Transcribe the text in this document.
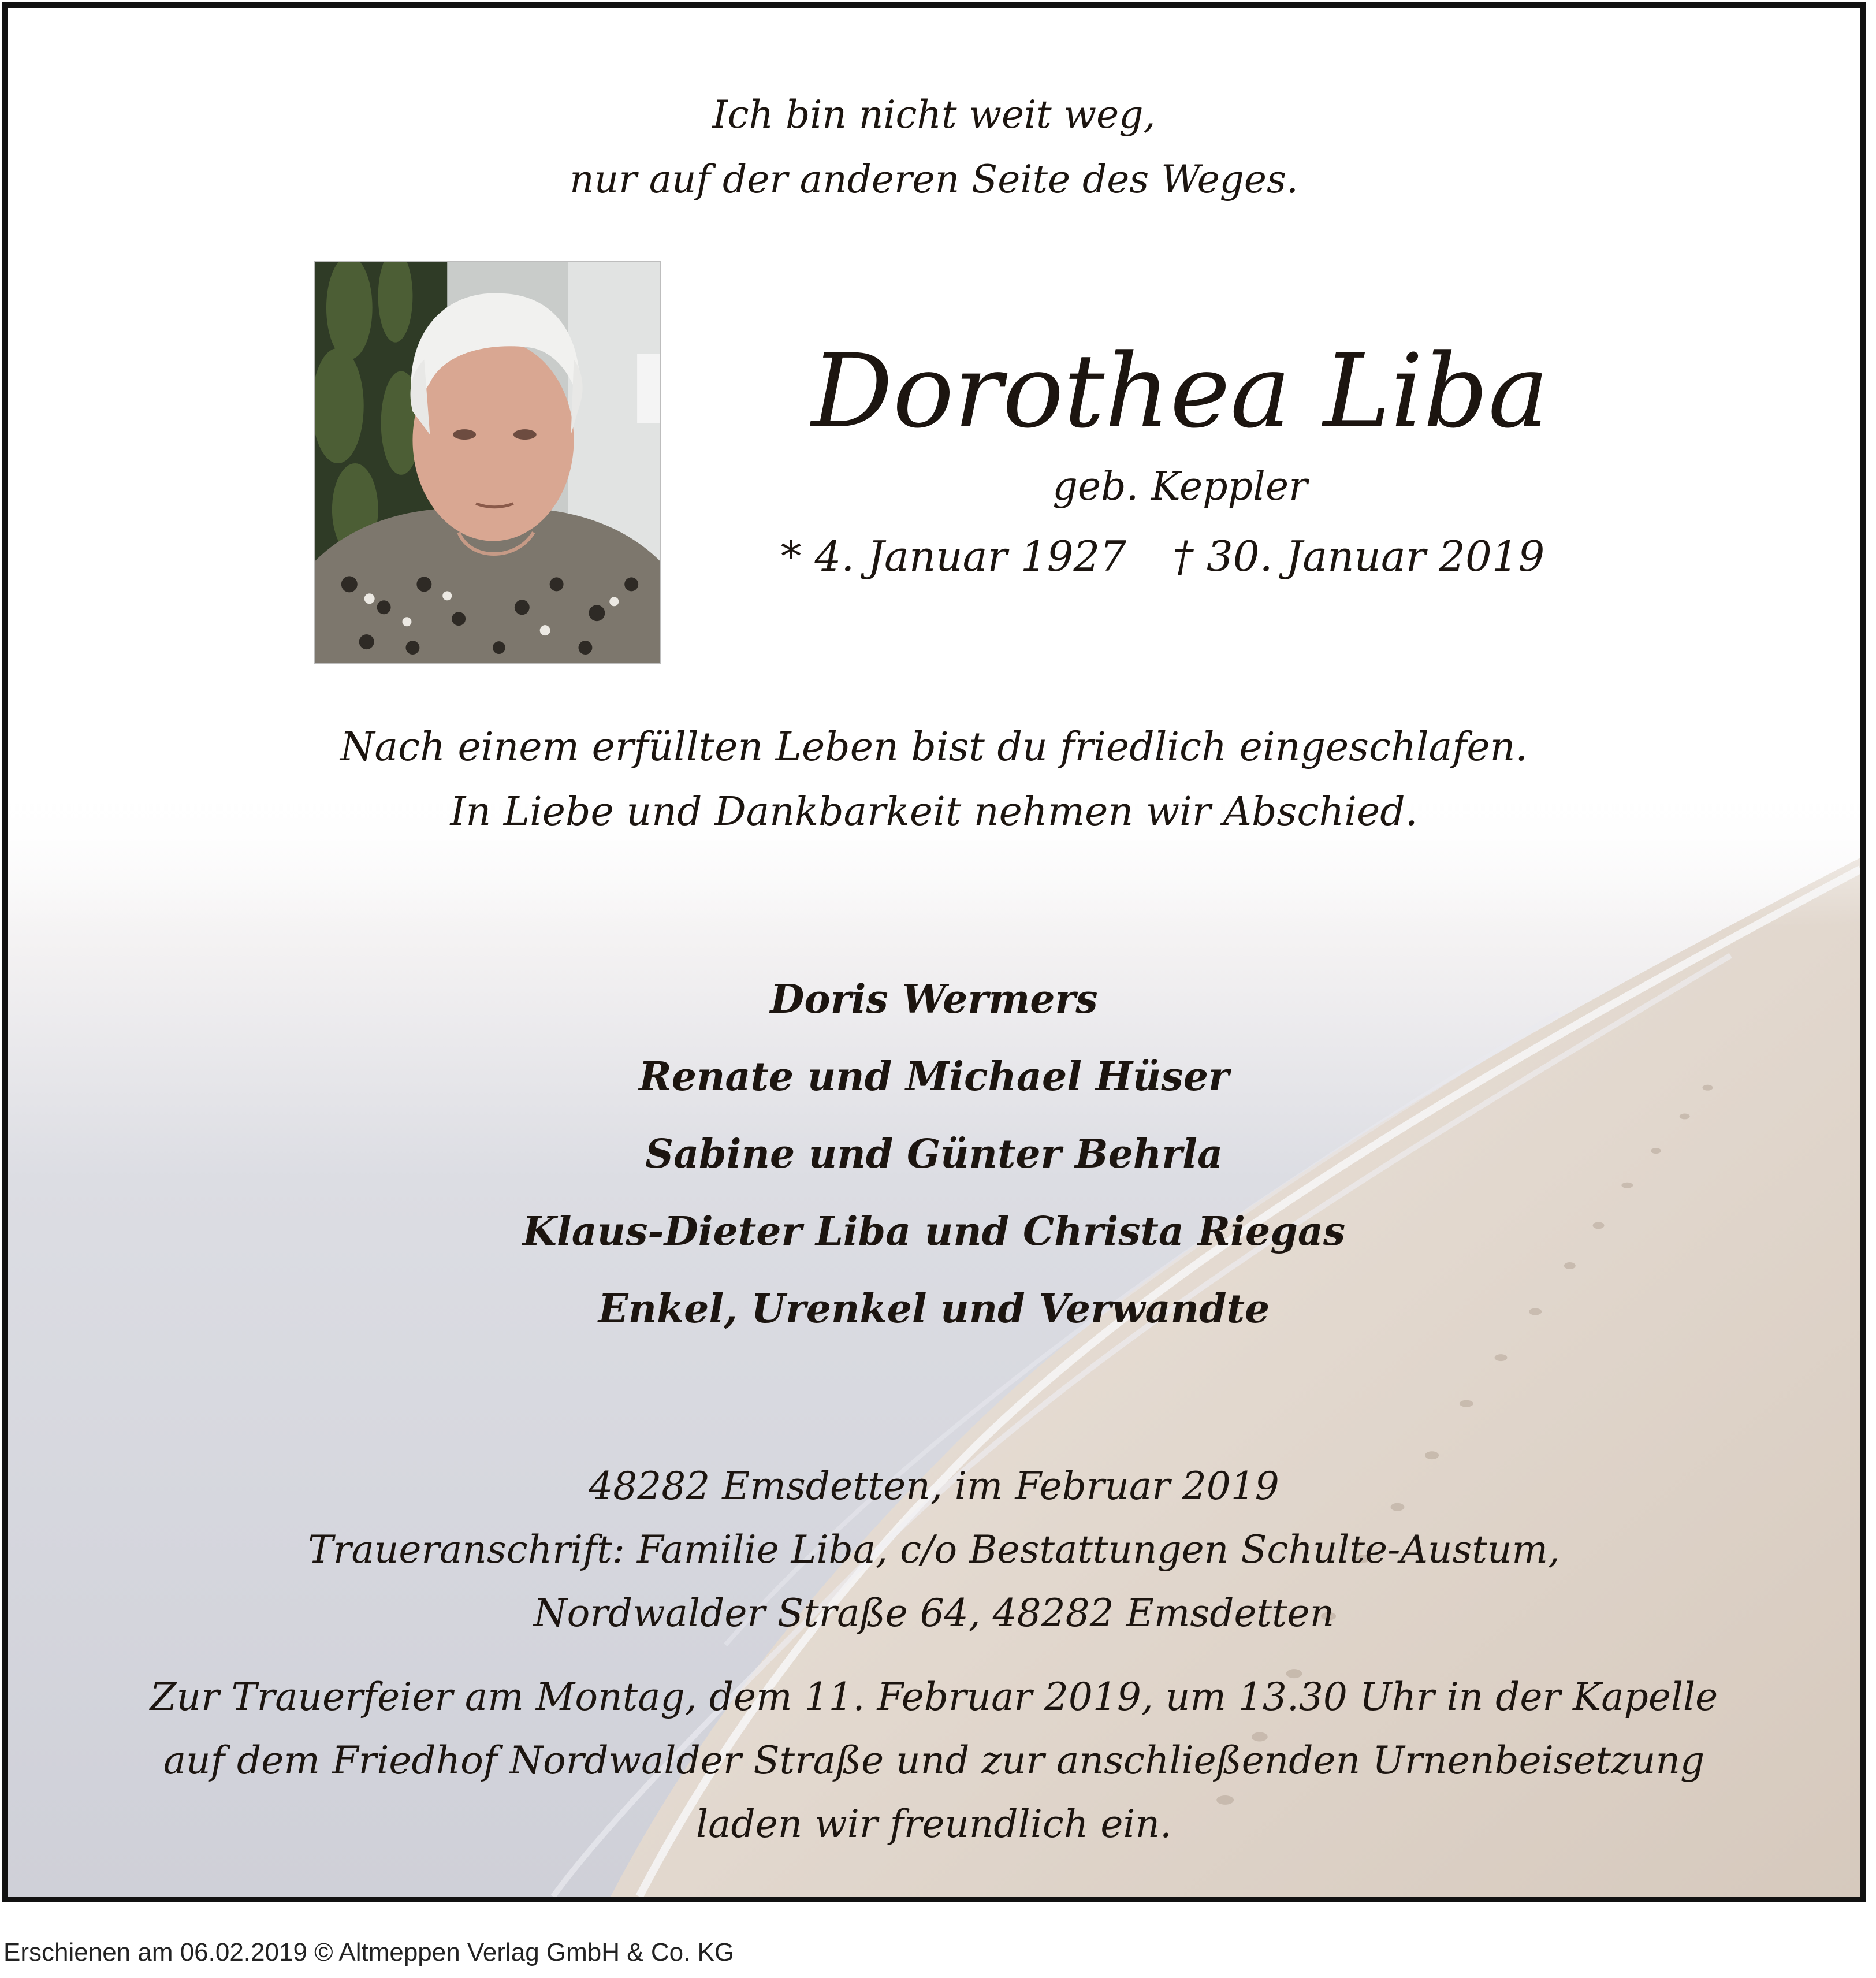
Ich bin nicht weit weg,
nur auf der anderen Seite des Weges.
Dorothea Liba
geb. Keppler
* 4. Januar 1927 † 30. Januar 2019
Nach einem erfüllten Leben bist du friedlich eingeschlafen.
In Liebe und Dankbarkeit nehmen wir Abschied.
Doris Wermers
Renate und Michael Hüser
Sabine und Günter Behrla
Klaus-Dieter Liba und Christa Riegas
Enkel, Urenkel und Verwandte
48282 Emsdetten, im Februar 2019
Traueranschrift: Familie Liba, c/o Bestattungen Schulte-Austum,
Nordwalder Straße 64, 48282 Emsdetten
Zur Trauerfeier am Montag, dem 11. Februar 2019, um 13.30 Uhr in der Kapelle
auf dem Friedhof Nordwalder Straße und zur anschließenden Urnenbeisetzung
laden wir freundlich ein.
Erschienen am 06.02.2019 © Altmeppen Verlag GmbH & Co. KG
